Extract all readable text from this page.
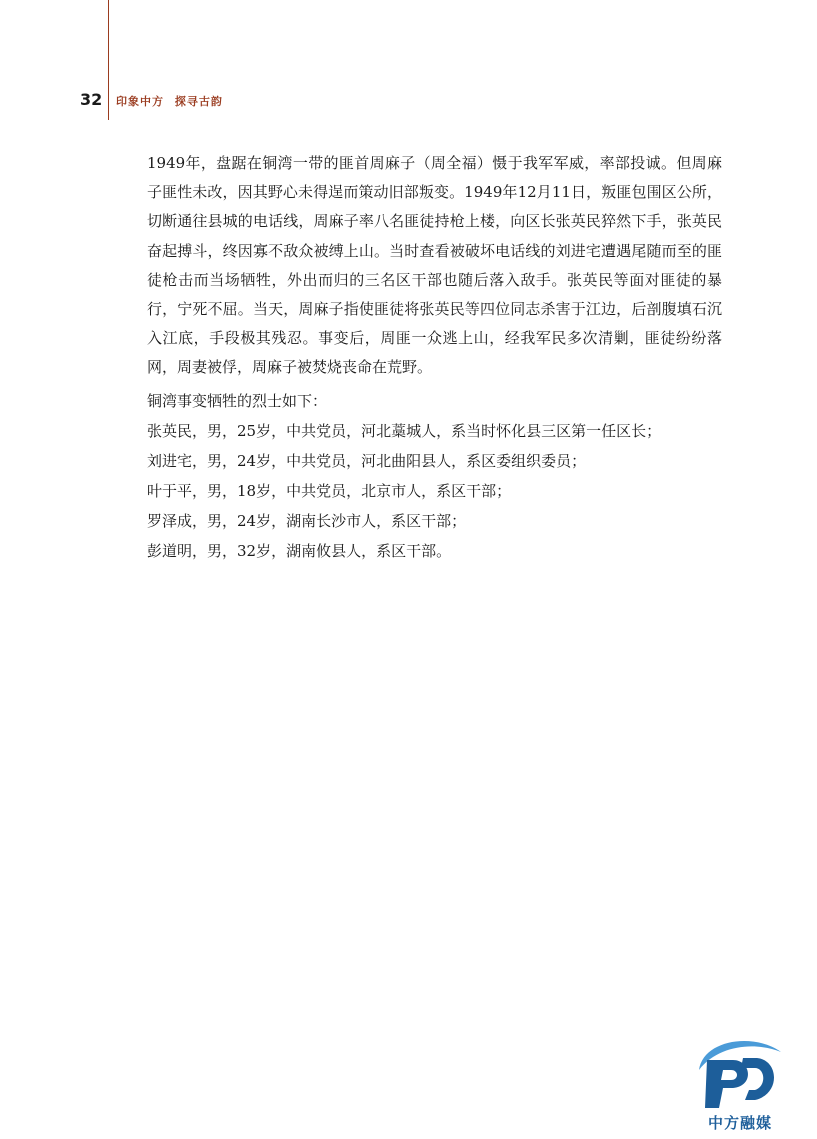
32 印象中方 探寻古韵

1949年，盘踞在铜湾一带的匪首周麻子（周全福）慑于我军军威，率部投诚。但周麻子匪性未改，因其野心未得逞而策动旧部叛变。1949年12月11日，叛匪包围区公所，切断通往县城的电话线，周麻子率八名匪徒持枪上楼，向区长张英民猝然下手，张英民奋起搏斗，终因寡不敌众被缚上山。当时查看被破坏电话线的刘进宅遭遇尾随而至的匪徒枪击而当场牺牲，外出而归的三名区干部也随后落入敌手。张英民等面对匪徒的暴行，宁死不屈。当天，周麻子指使匪徒将张英民等四位同志杀害于江边，后剖腹填石沉入江底，手段极其残忍。事变后，周匪一众逃上山，经我军民多次清剿，匪徒纷纷落网，周妻被俘，周麻子被焚烧丧命在荒野。

铜湾事变牺牲的烈士如下：

张英民，男，25岁，中共党员，河北藁城人，系当时怀化县三区第一任区长；
刘进宅，男，24岁，中共党员，河北曲阳县人，系区委组织委员；
叶于平，男，18岁，中共党员，北京市人，系区干部；
罗泽成，男，24岁，湖南长沙市人，系区干部；
彭道明，男，32岁，湖南攸县人，系区干部。
中方融媒
